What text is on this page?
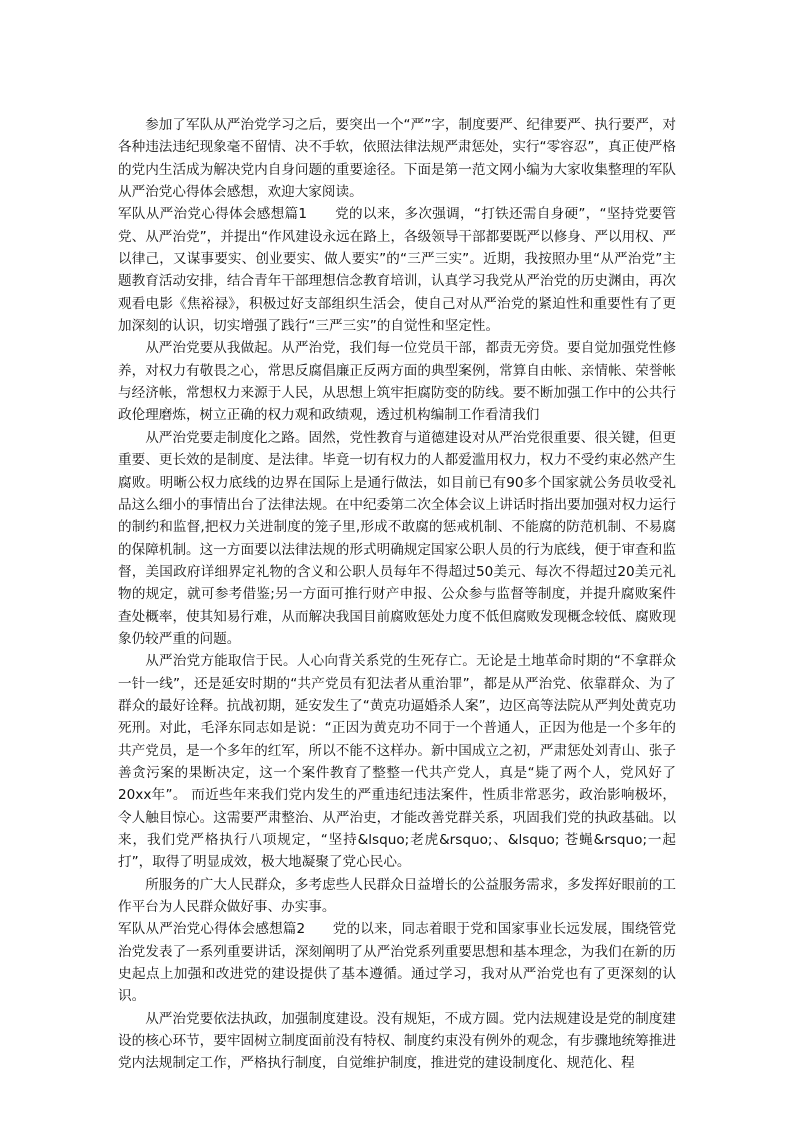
参加了军队从严治党学习之后，要突出一个“严”字，制度要严、纪律要严、执行要严，对各种违法违纪现象毫不留情、决不手软，依照法律法规严肃惩处，实行“零容忍”，真正使严格的党内生活成为解决党内自身问题的重要途径。下面是第一范文网小编为大家收集整理的军队从严治党心得体会感想，欢迎大家阅读。

军队从严治党心得体会感想篇1　　党的以来，多次强调，“打铁还需自身硬”，“坚持党要管党、从严治党”，并提出“作风建设永远在路上，各级领导干部都要既严以修身、严以用权、严以律己，又谋事要实、创业要实、做人要实”的“三严三实”。近期，我按照办里“从严治党”主题教育活动安排，结合青年干部理想信念教育培训，认真学习我党从严治党的历史渊由，再次观看电影《焦裕禄》，积极过好支部组织生活会，使自己对从严治党的紧迫性和重要性有了更加深刻的认识，切实增强了践行“三严三实”的自觉性和坚定性。

从严治党要从我做起。从严治党，我们每一位党员干部，都责无旁贷。要自觉加强党性修养，对权力有敬畏之心，常思反腐倡廉正反两方面的典型案例，常算自由帐、亲情帐、荣誉帐与经济帐，常想权力来源于人民，从思想上筑牢拒腐防变的防线。要不断加强工作中的公共行政伦理磨炼，树立正确的权力观和政绩观，透过机构编制工作看清我们

从严治党要走制度化之路。固然，党性教育与道德建设对从严治党很重要、很关键，但更重要、更长效的是制度、是法律。毕竟一切有权力的人都爱滥用权力，权力不受约束必然产生腐败。明晰公权力底线的边界在国际上是通行做法，如目前已有90多个国家就公务员收受礼品这么细小的事情出台了法律法规。在中纪委第二次全体会议上讲话时指出要加强对权力运行的制约和监督,把权力关进制度的笼子里,形成不敢腐的惩戒机制、不能腐的防范机制、不易腐的保障机制。这一方面要以法律法规的形式明确规定国家公职人员的行为底线，便于审查和监督，美国政府详细界定礼物的含义和公职人员每年不得超过50美元、每次不得超过20美元礼物的规定，就可参考借鉴;另一方面可推行财产申报、公众参与监督等制度，并提升腐败案件查处概率，使其知易行难，从而解决我国目前腐败惩处力度不低但腐败发现概念较低、腐败现象仍较严重的问题。

从严治党方能取信于民。人心向背关系党的生死存亡。无论是土地革命时期的“不拿群众一针一线”，还是延安时期的“共产党员有犯法者从重治罪”，都是从严治党、依靠群众、为了群众的最好诠释。抗战初期，延安发生了“黄克功逼婚杀人案”，边区高等法院从严判处黄克功死刑。对此，毛泽东同志如是说：“正因为黄克功不同于一个普通人，正因为他是一个多年的共产党员，是一个多年的红军，所以不能不这样办。新中国成立之初，严肃惩处刘青山、张子善贪污案的果断决定，这一个案件教育了整整一代共产党人，真是“毙了两个人，党风好了20xx年”。 而近些年来我们党内发生的严重违纪违法案件，性质非常恶劣，政治影响极坏，令人触目惊心。这需要严肃整治、从严治吏，才能改善党群关系，巩固我们党的执政基础。以来，我们党严格执行八项规定，“坚持&lsquo;老虎&rsquo;、&lsquo; 苍蝇&rsquo;一起打”，取得了明显成效，极大地凝聚了党心民心。

所服务的广大人民群众，多考虑些人民群众日益增长的公益服务需求，多发挥好眼前的工作平台为人民群众做好事、办实事。

军队从严治党心得体会感想篇2　　党的以来，同志着眼于党和国家事业长远发展，围绕管党治党发表了一系列重要讲话，深刻阐明了从严治党系列重要思想和基本理念，为我们在新的历史起点上加强和改进党的建设提供了基本遵循。通过学习，我对从严治党也有了更深刻的认识。

从严治党要依法执政，加强制度建设。没有规矩，不成方圆。党内法规建设是党的制度建设的核心环节，要牢固树立制度面前没有特权、制度约束没有例外的观念，有步骤地统筹推进党内法规制定工作，严格执行制度，自觉维护制度，推进党的建设制度化、规范化、程
